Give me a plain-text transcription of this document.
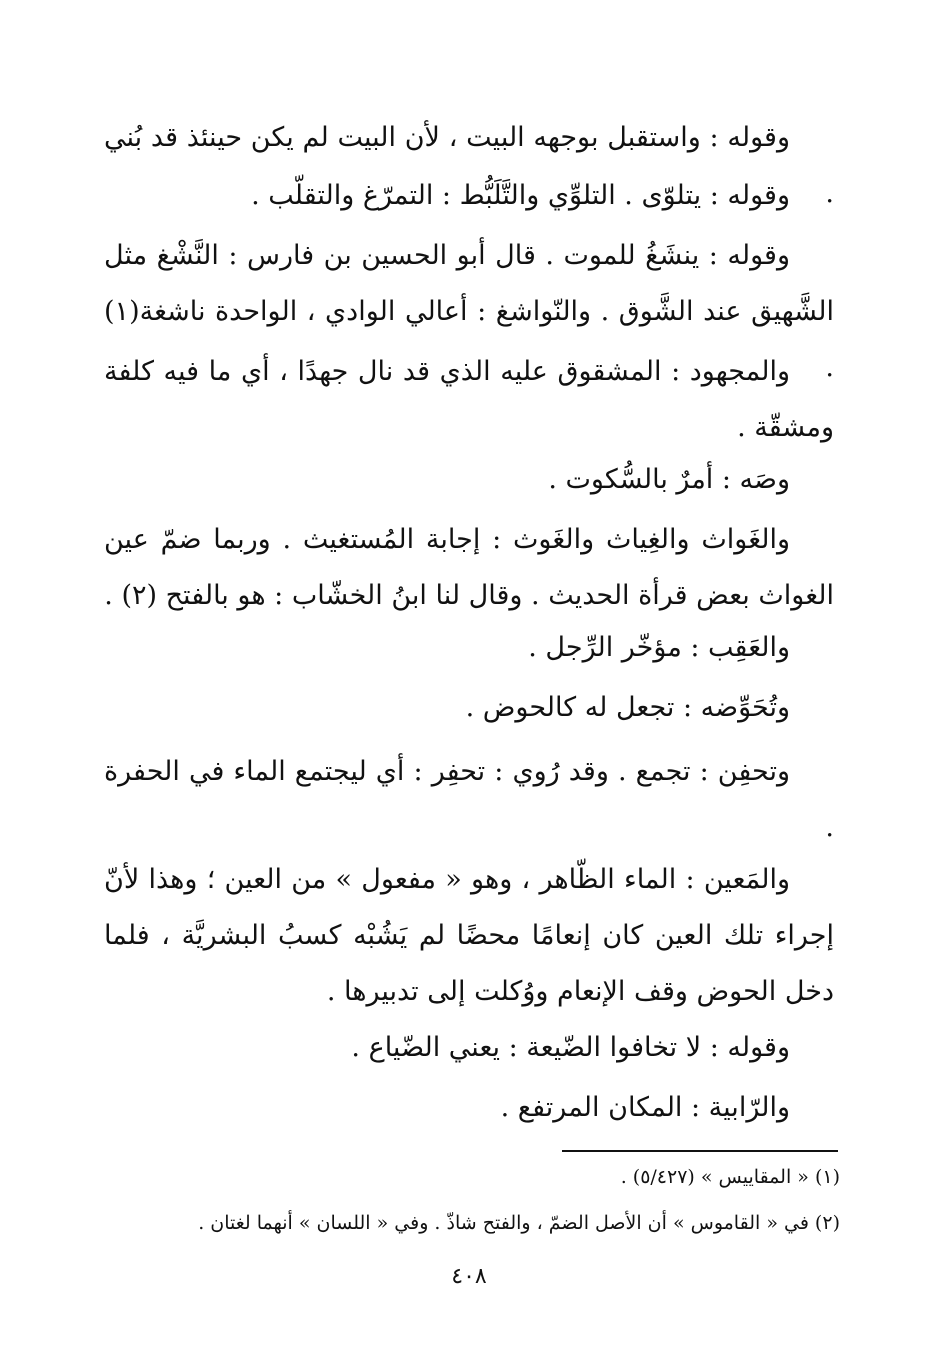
وقوله : واستقبل بوجهه البيت ، لأن البيت لم يكن حينئذ قد بُني .

وقوله : يتلوّى . التلوِّي والتَّلَبُّط : التمرّغ والتقلّب .

وقوله : ينشَغُ للموت . قال أبو الحسين بن فارس : النَّشْغ مثل الشَّهيق عند الشَّوق . والنّواشغ : أعالي الوادي ، الواحدة ناشغة(١) .

والمجهود : المشقوق عليه الذي قد نال جهدًا ، أي ما فيه كلفة ومشقّة .

وصَه : أمرٌ بالسُّكوت .

والغَواث والغِياث والغَوث : إجابة المُستغيث . وربما ضمّ عين الغواث بعض قرأة الحديث . وقال لنا ابنُ الخشّاب : هو بالفتح (٢) .

والعَقِب : مؤخّر الرِّجل .

وتُحَوِّضه : تجعل له كالحوض .

وتحفِن : تجمع . وقد رُوي : تحفِر : أي ليجتمع الماء في الحفرة .

والمَعين : الماء الظّاهر ، وهو « مفعول » من العين ؛ وهذا لأنّ إجراء تلك العين كان إنعامًا محضًا لم يَشُبْه كسبُ البشريَّة ، فلما دخل الحوض وقف الإنعام ووُكلت إلى تدبيرها .

وقوله : لا تخافوا الضّيعة : يعني الضّياع .

والرّابية : المكان المرتفع .

(١) « المقاييس » (٥/٤٢٧) .
(٢) في « القاموس » أن الأصل الضمّ ، والفتح شاذّ . وفي « اللسان » أنهما لغتان .
٤٠٨
